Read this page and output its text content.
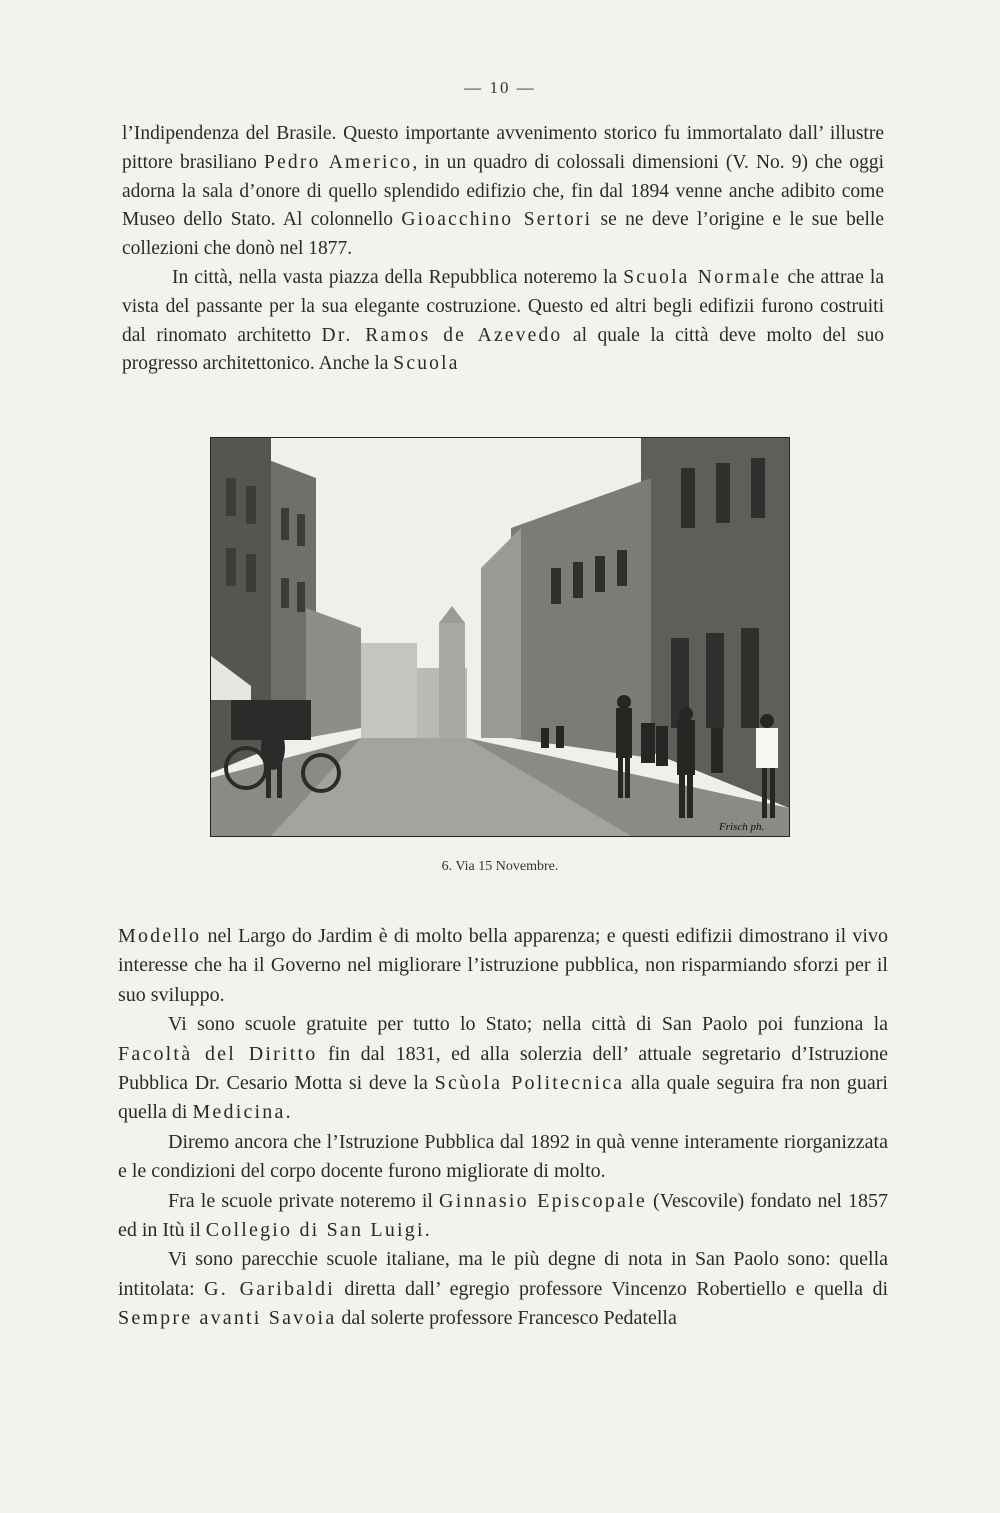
— 10 —

l’Indipendenza del Brasile. Questo importante avvenimento storico fu immortalato dall’ illustre pittore brasiliano Pedro Americo, in un quadro di colossali dimensioni (V. No. 9) che oggi adorna la sala d’onore di quello splendido edifizio che, fin dal 1894 venne anche adibito come Museo dello Stato. Al colonnello Gioacchino Sertori se ne deve l’origine e le sue belle collezioni che donò nel 1877.

In città, nella vasta piazza della Repubblica noteremo la Scuola Normale che attrae la vista del passante per la sua elegante costruzione. Questo ed altri begli edifizii furono costruiti dal rinomato architetto Dr. Ramos de Azevedo al quale la città deve molto del suo progresso architettonico. Anche la Scuola

Frisch ph.
6. Via 15 Novembre.

Modello nel Largo do Jardim è di molto bella apparenza; e questi edifizii dimostrano il vivo interesse che ha il Governo nel migliorare l’istruzione pubblica, non risparmiando sforzi per il suo sviluppo.

Vi sono scuole gratuite per tutto lo Stato; nella città di San Paolo poi funziona la Facoltà del Diritto fin dal 1831, ed alla solerzia dell’ attuale segretario d’Istruzione Pubblica Dr. Cesario Motta si deve la Scùola Politecnica alla quale seguira fra non guari quella di Medicina.

Diremo ancora che l’Istruzione Pubblica dal 1892 in quà venne interamente riorganizzata e le condizioni del corpo docente furono migliorate di molto.

Fra le scuole private noteremo il Ginnasio Episcopale (Vescovile) fondato nel 1857 ed in Itù il Collegio di San Luigi.

Vi sono parecchie scuole italiane, ma le più degne di nota in San Paolo sono: quella intitolata: G. Garibaldi diretta dall’ egregio professore Vincenzo Robertiello e quella di Sempre avanti Savoia dal solerte professore Francesco Pedatella
